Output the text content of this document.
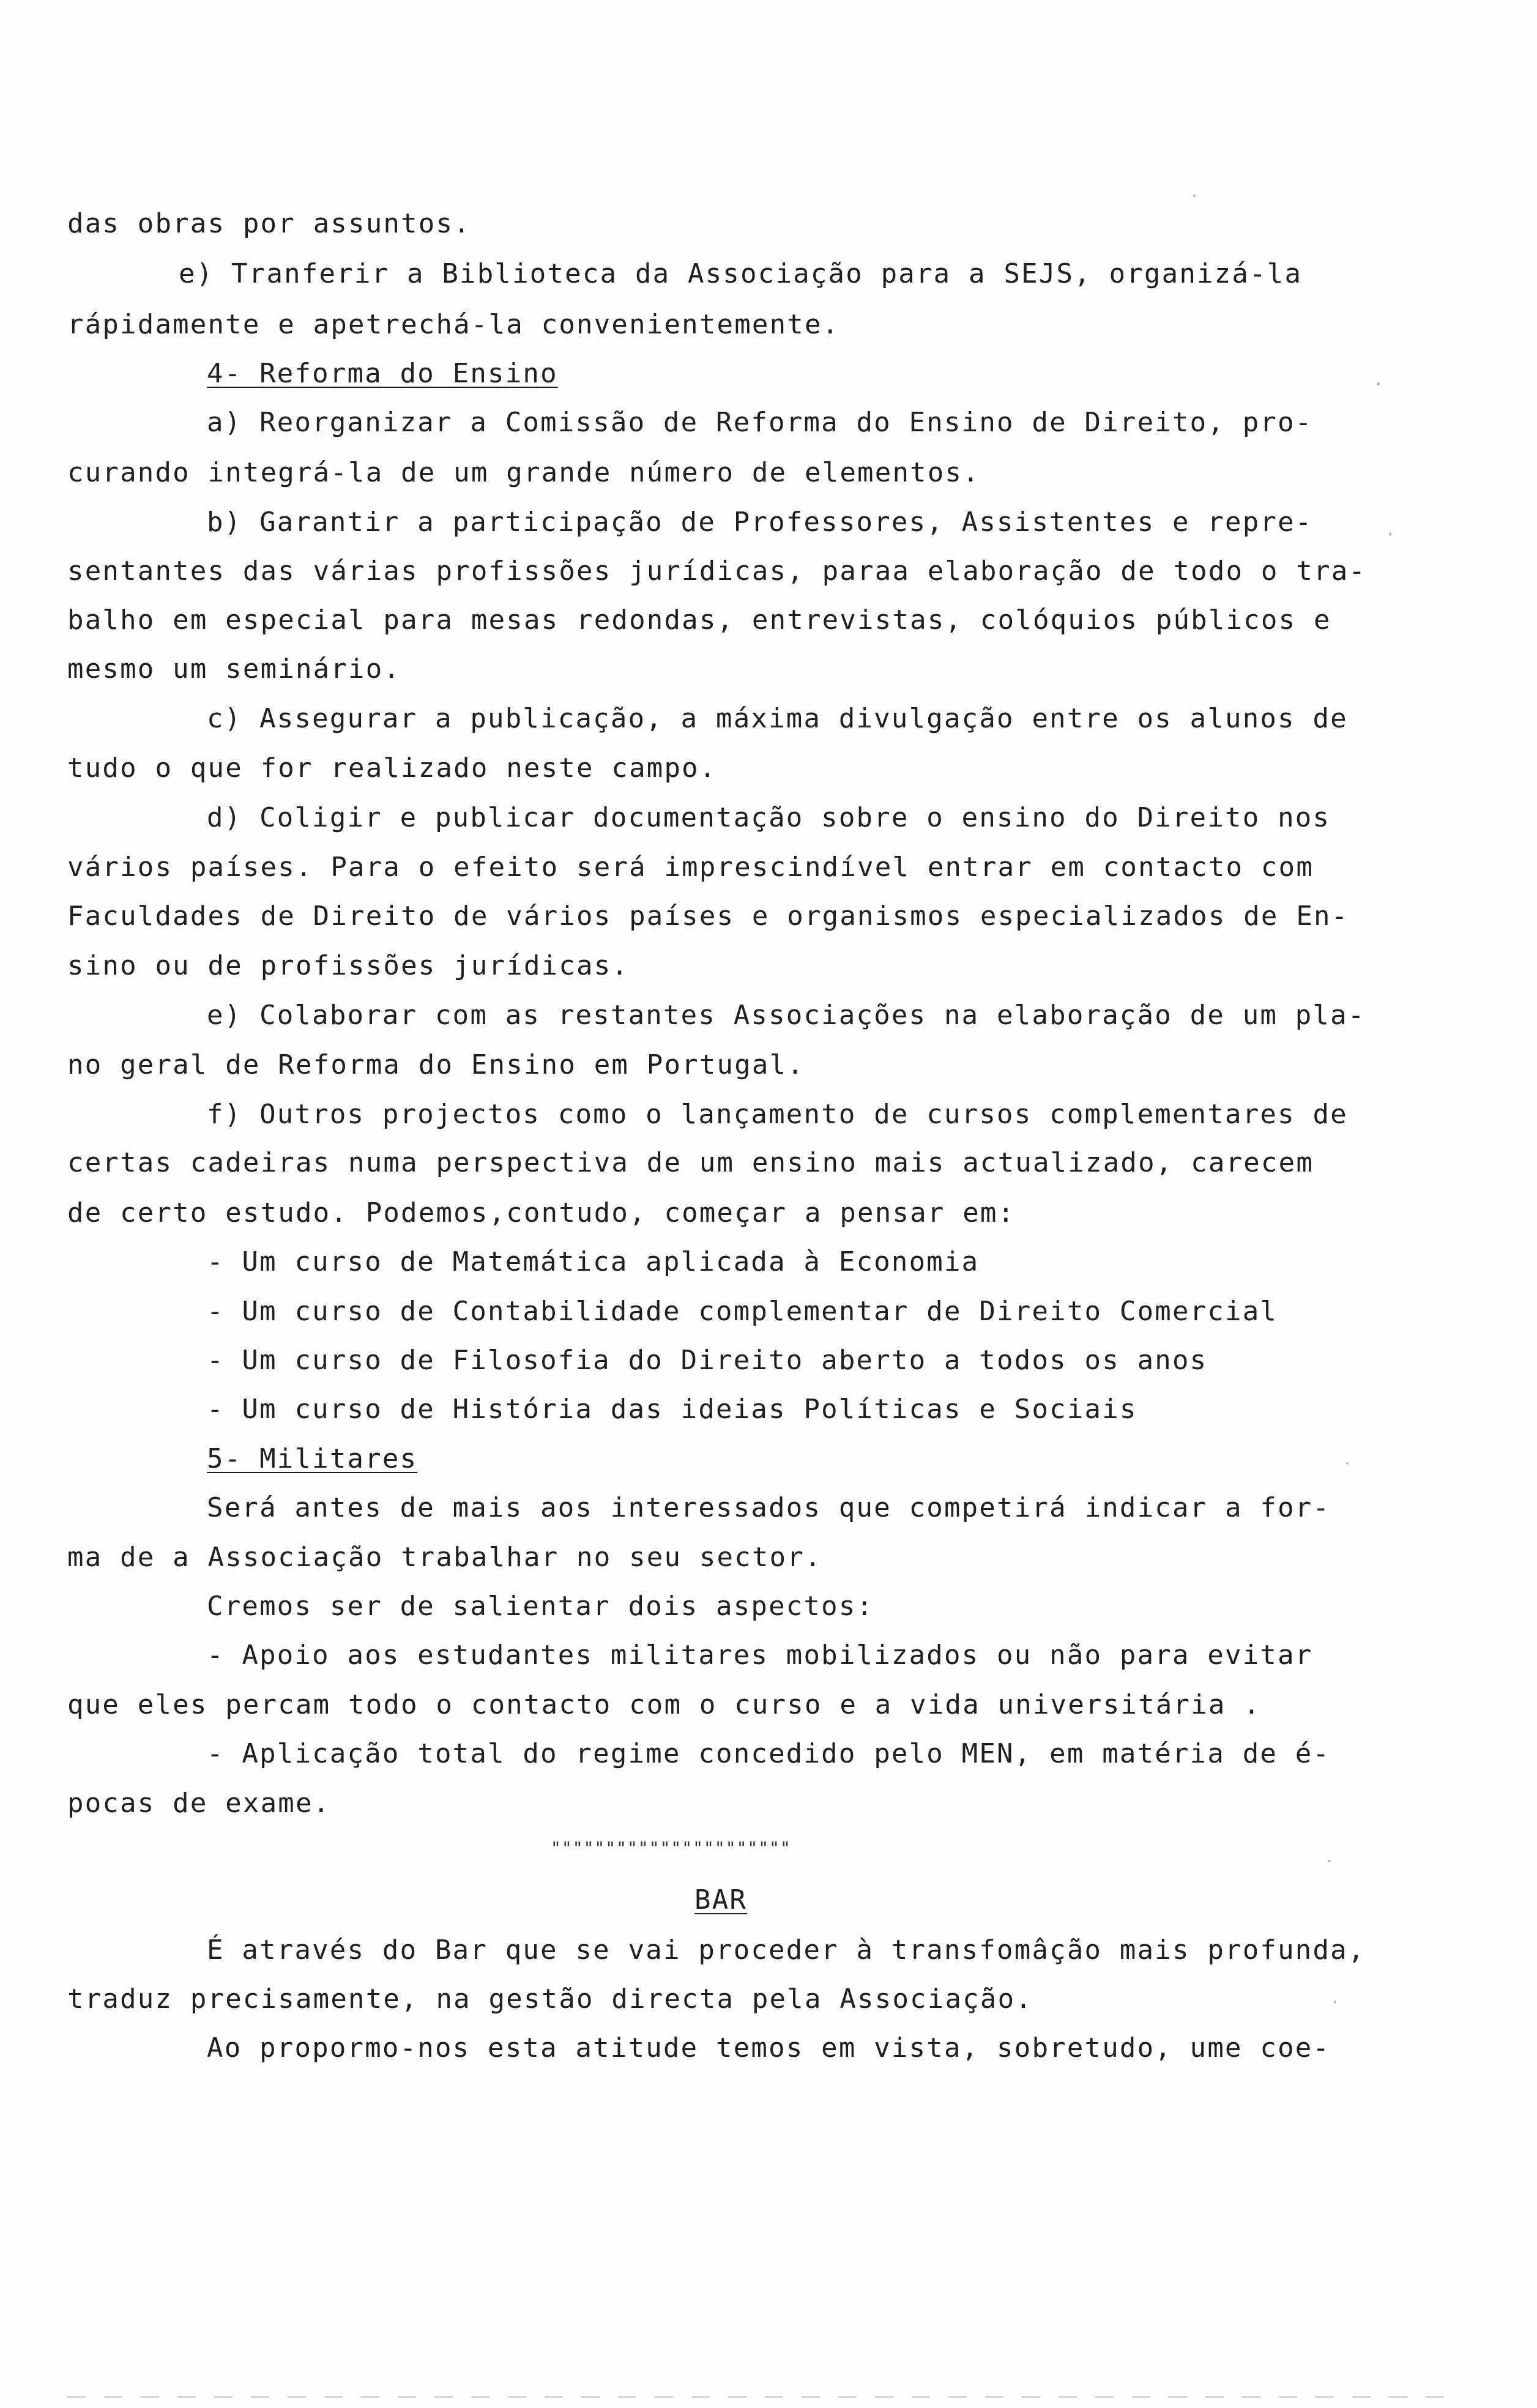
das obras por assuntos.
e) Tranferir a Biblioteca da Associação para a SEJS, organizá-la
rápidamente e apetrechá-la convenientemente.
4- Reforma do Ensino
a) Reorganizar a Comissão de Reforma do Ensino de Direito, pro-
curando integrá-la de um grande número de elementos.
b) Garantir a participação de Professores, Assistentes e repre-
sentantes das várias profissões jurídicas, paraa elaboração de todo o tra-
balho em especial para mesas redondas, entrevistas, colóquios públicos e
mesmo um seminário.
c) Assegurar a publicação, a máxima divulgação entre os alunos de
tudo o que for realizado neste campo.
d) Coligir e publicar documentação sobre o ensino do Direito nos
vários países. Para o efeito será imprescindível entrar em contacto com
Faculdades de Direito de vários países e organismos especializados de En-
sino ou de profissões jurídicas.
e) Colaborar com as restantes Associações na elaboração de um pla-
no geral de Reforma do Ensino em Portugal.
f) Outros projectos como o lançamento de cursos complementares de
certas cadeiras numa perspectiva de um ensino mais actualizado, carecem
de certo estudo. Podemos,contudo, começar a pensar em:
- Um curso de Matemática aplicada à Economia
- Um curso de Contabilidade complementar de Direito Comercial
- Um curso de Filosofia do Direito aberto a todos os anos
- Um curso de História das ideias Políticas e Sociais
5- Militares
Será antes de mais aos interessados que competirá indicar a for-
ma de a Associação trabalhar no seu sector.
Cremos ser de salientar dois aspectos:
- Apoio aos estudantes militares mobilizados ou não para evitar
que eles percam todo o contacto com o curso e a vida universitária .
- Aplicação total do regime concedido pelo MEN, em matéria de é-
pocas de exame.
""""""""""""""""""""""
BAR
É através do Bar que se vai proceder à transfomâção mais profunda,
traduz precisamente, na gestão directa pela Associação.
Ao propormo-nos esta atitude temos em vista, sobretudo, ume coe-
